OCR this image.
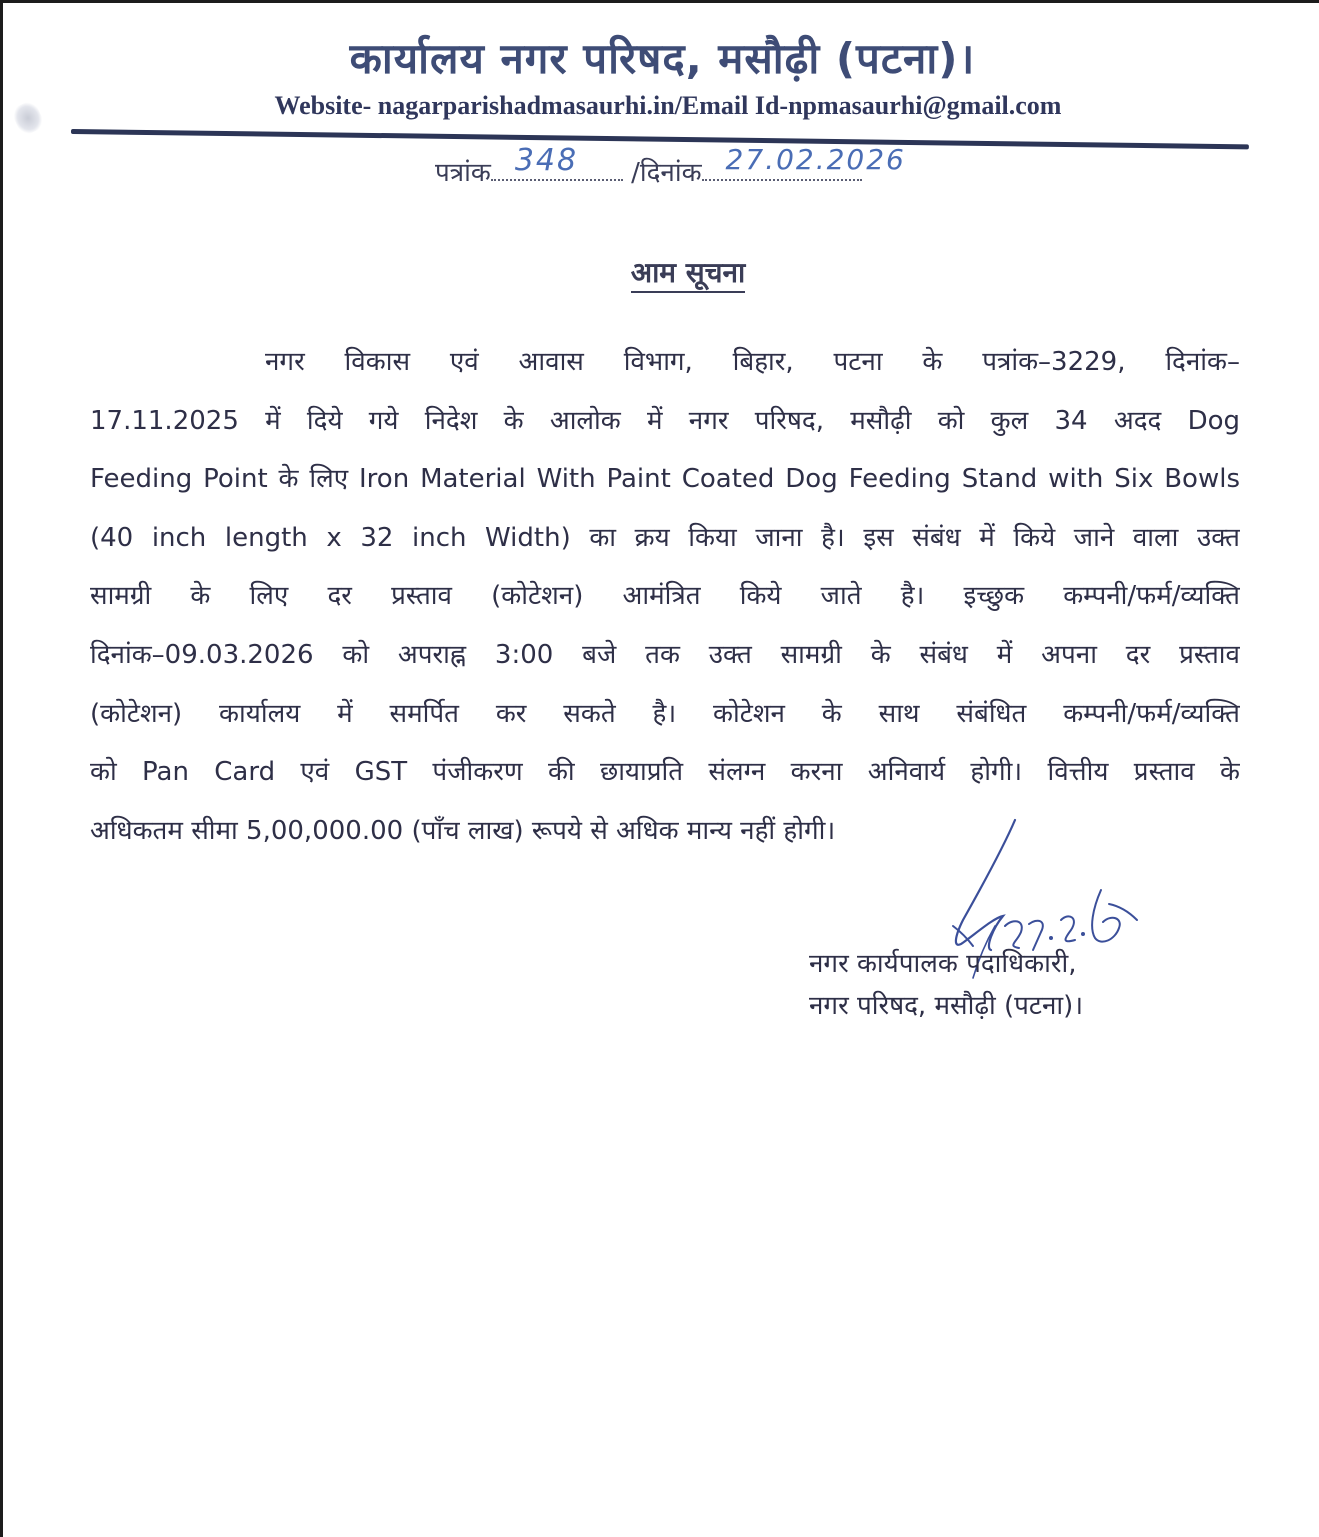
कार्यालय नगर परिषद, मसौढ़ी (पटना)।
Website- nagarparishadmasaurhi.in/Email Id-npmasaurhi@gmail.com
पत्रांक 348 /दिनांक 27.02.2026
आम सूचना
नगर विकास एवं आवास विभाग, बिहार, पटना के पत्रांक–3229, दिनांक–
17.11.2025 में दिये गये निदेश के आलोक में नगर परिषद, मसौढ़ी को कुल 34 अदद Dog
Feeding Point के लिए Iron Material With Paint Coated Dog Feeding Stand with Six Bowls
(40 inch length x 32 inch Width) का क्रय किया जाना है। इस संबंध में किये जाने वाला उक्त
सामग्री के लिए दर प्रस्ताव (कोटेशन) आमंत्रित किये जाते है। इच्छुक कम्पनी/फर्म/व्यक्ति
दिनांक–09.03.2026 को अपराह्न 3:00 बजे तक उक्त सामग्री के संबंध में अपना दर प्रस्ताव
(कोटेशन) कार्यालय में समर्पित कर सकते है। कोटेशन के साथ संबंधित कम्पनी/फर्म/व्यक्ति
को Pan Card एवं GST पंजीकरण की छायाप्रति संलग्न करना अनिवार्य होगी। वित्तीय प्रस्ताव के
अधिकतम सीमा 5,00,000.00 (पाँच लाख) रूपये से अधिक मान्य नहीं होगी।
नगर कार्यपालक पदाधिकारी,
नगर परिषद, मसौढ़ी (पटना)।
